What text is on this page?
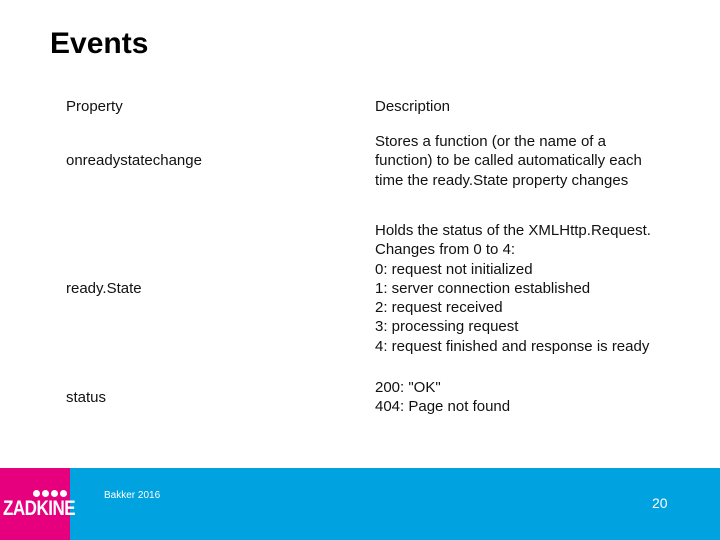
Events
Property	Description
onreadystatechange
Stores a function (or the name of a
function) to be called automatically each
time the ready.State property changes
ready.State
Holds the status of the XMLHttp.Request.
Changes from 0 to 4:
0: request not initialized
1: server connection established
2: request received
3: processing request
4: request finished and response is ready
status
200: "OK"
404: Page not found
ZADKINE
Bakker 2016	20
